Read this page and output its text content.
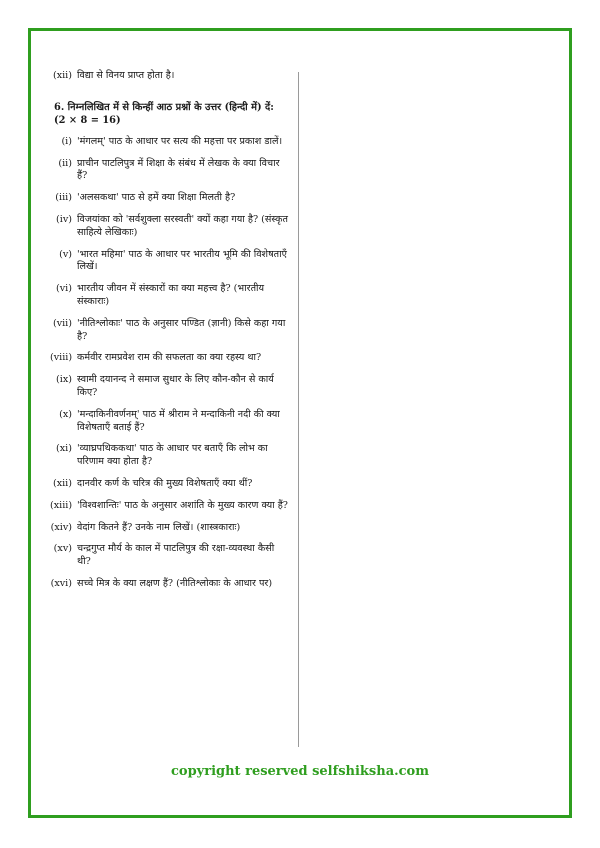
(xii) विद्या से विनय प्राप्त होता है।
6. निम्नलिखित में से किन्हीं आठ प्रश्नों के उत्तर (हिन्दी में) दें:
(2 × 8 = 16)
(i) 'मंगलम्' पाठ के आधार पर सत्य की महत्ता पर प्रकाश डालें।
(ii) प्राचीन पाटलिपुत्र में शिक्षा के संबंध में लेखक के क्या विचार हैं?
(iii) 'अलसकथा' पाठ से हमें क्या शिक्षा मिलती है?
(iv) विजयांका को 'सर्वशुक्ला सरस्वती' क्यों कहा गया है? (संस्कृत साहित्ये लेखिकाः)
(v) 'भारत महिमा' पाठ के आधार पर भारतीय भूमि की विशेषताएँ लिखें।
(vi) भारतीय जीवन में संस्कारों का क्या महत्त्व है? (भारतीय संस्काराः)
(vii) 'नीतिश्लोकाः' पाठ के अनुसार पण्डित (ज्ञानी) किसे कहा गया है?
(viii) कर्मवीर रामप्रवेश राम की सफलता का क्या रहस्य था?
(ix) स्वामी दयानन्द ने समाज सुधार के लिए कौन-कौन से कार्य किए?
(x) 'मन्दाकिनीवर्णनम्' पाठ में श्रीराम ने मन्दाकिनी नदी की क्या विशेषताएँ बताई हैं?
(xi) 'व्याघ्रपथिककथा' पाठ के आधार पर बताएँ कि लोभ का परिणाम क्या होता है?
(xii) दानवीर कर्ण के चरित्र की मुख्य विशेषताएँ क्या थीं?
(xiii) 'विश्वशान्तिः' पाठ के अनुसार अशांति के मुख्य कारण क्या हैं?
(xiv) वेदांग कितने हैं? उनके नाम लिखें। (शास्त्रकाराः)
(xv) चन्द्रगुप्त मौर्य के काल में पाटलिपुत्र की रक्षा-व्यवस्था कैसी थी?
(xvi) सच्चे मित्र के क्या लक्षण हैं? (नीतिश्लोकाः के आधार पर)
copyright reserved selfshiksha.com
